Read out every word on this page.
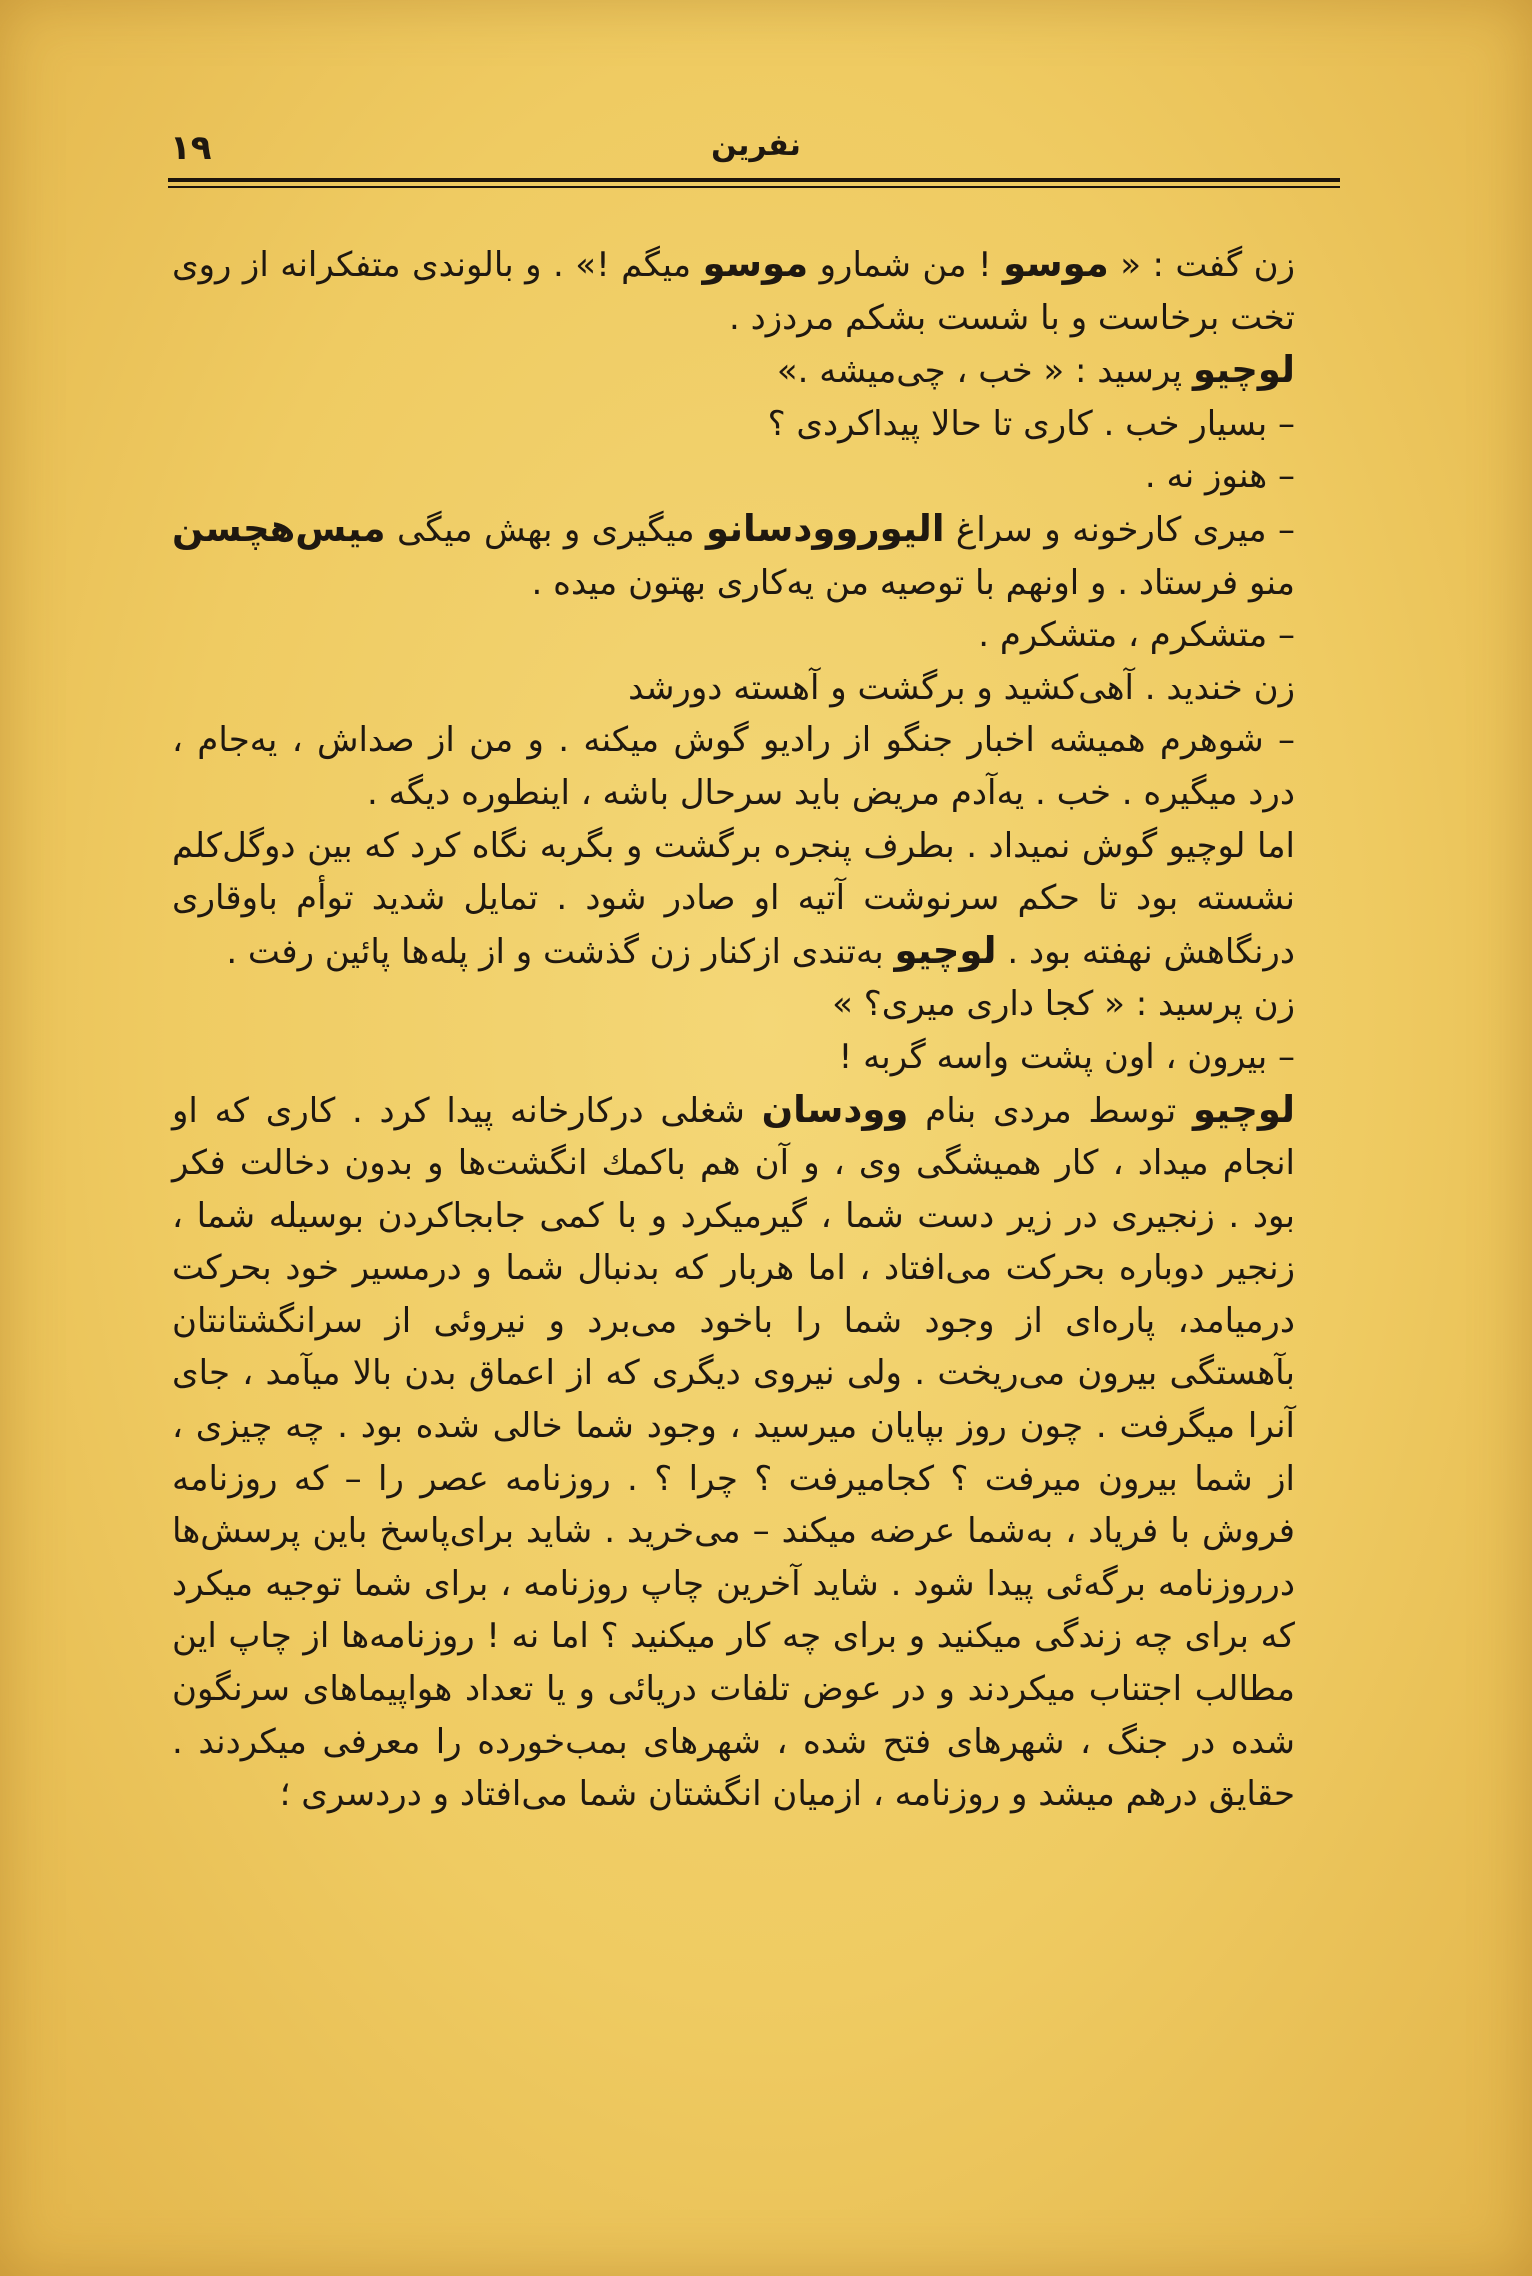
۱۹	نفرین

زن گفت : « موسو ! من شمارو موسو میگم !» . و بالوندی متفکرانه از روی تخت برخاست و با شست بشکم مردزد .

لوچیو پرسید : « خب ، چی‌میشه .»

– بسیار خب . کاری تا حالا پیداکردی ؟

– هنوز نه .

– میری کارخونه و سراغ الیوروودسانو میگیری و بهش میگی میس‌هچسن منو فرستاد . و اونهم با توصیه من یه‌کاری بهتون میده .

– متشکرم ، متشکرم .

زن خندید . آهی‌کشید و برگشت و آهسته دورشد

– شوهرم همیشه اخبار جنگو از رادیو گوش میکنه . و من از صداش ، یه‌جام ، درد میگیره . خب . یه‌آدم مریض باید سرحال باشه ، اینطوره دیگه .

اما لوچیو گوش نمیداد . بطرف پنجره برگشت و بگربه نگاه کرد که بین دوگل‌کلم نشسته بود تا حکم سرنوشت آتیه او صادر شود . تمایل شدید توأم باوقاری درنگاهش نهفته بود . لوچیو به‌تندی ازکنار زن گذشت و از پله‌ها پائین رفت .

زن پرسید : « کجا داری میری؟ »

– بیرون ، اون پشت واسه گربه !

لوچیو توسط مردی بنام وودسان شغلی درکارخانه پیدا کرد . کاری که او انجام میداد ، کار همیشگی وی ، و آن هم باکمك انگشت‌ها و بدون دخالت فکر بود . زنجیری در زیر دست شما ، گیرمیکرد و با کمی جابجاکردن بوسیله شما ، زنجیر دوباره بحرکت می‌افتاد ، اما هربار که بدنبال شما و درمسیر خود بحرکت درمیامد، پاره‌ای از وجود شما را باخود می‌برد و نیروئی از سرانگشتانتان بآهستگی بیرون می‌ریخت . ولی نیروی دیگری که از اعماق بدن بالا میآمد ، جای آنرا میگرفت . چون روز بپایان میرسید ، وجود شما خالی شده بود . چه چیزی ، از شما بیرون میرفت ؟ کجامیرفت ؟ چرا ؟ . روزنامه عصر را – که روزنامه فروش با فریاد ، به‌شما عرضه میکند – می‌خرید . شاید برای‌پاسخ باین پرسش‌ها درروزنامه برگه‌ئی پیدا شود . شاید آخرین چاپ روزنامه ، برای شما توجیه میکرد که برای چه زندگی میکنید و برای چه کار میکنید ؟ اما نه ! روزنامه‌ها از چاپ این مطالب اجتناب میکردند و در عوض تلفات دریائی و یا تعداد هواپیماهای سرنگون شده در جنگ ، شهرهای فتح شده ، شهرهای بمب‌خورده را معرفی میکردند . حقایق درهم میشد و روزنامه ، ازمیان انگشتان شما می‌افتاد و دردسری ؛
